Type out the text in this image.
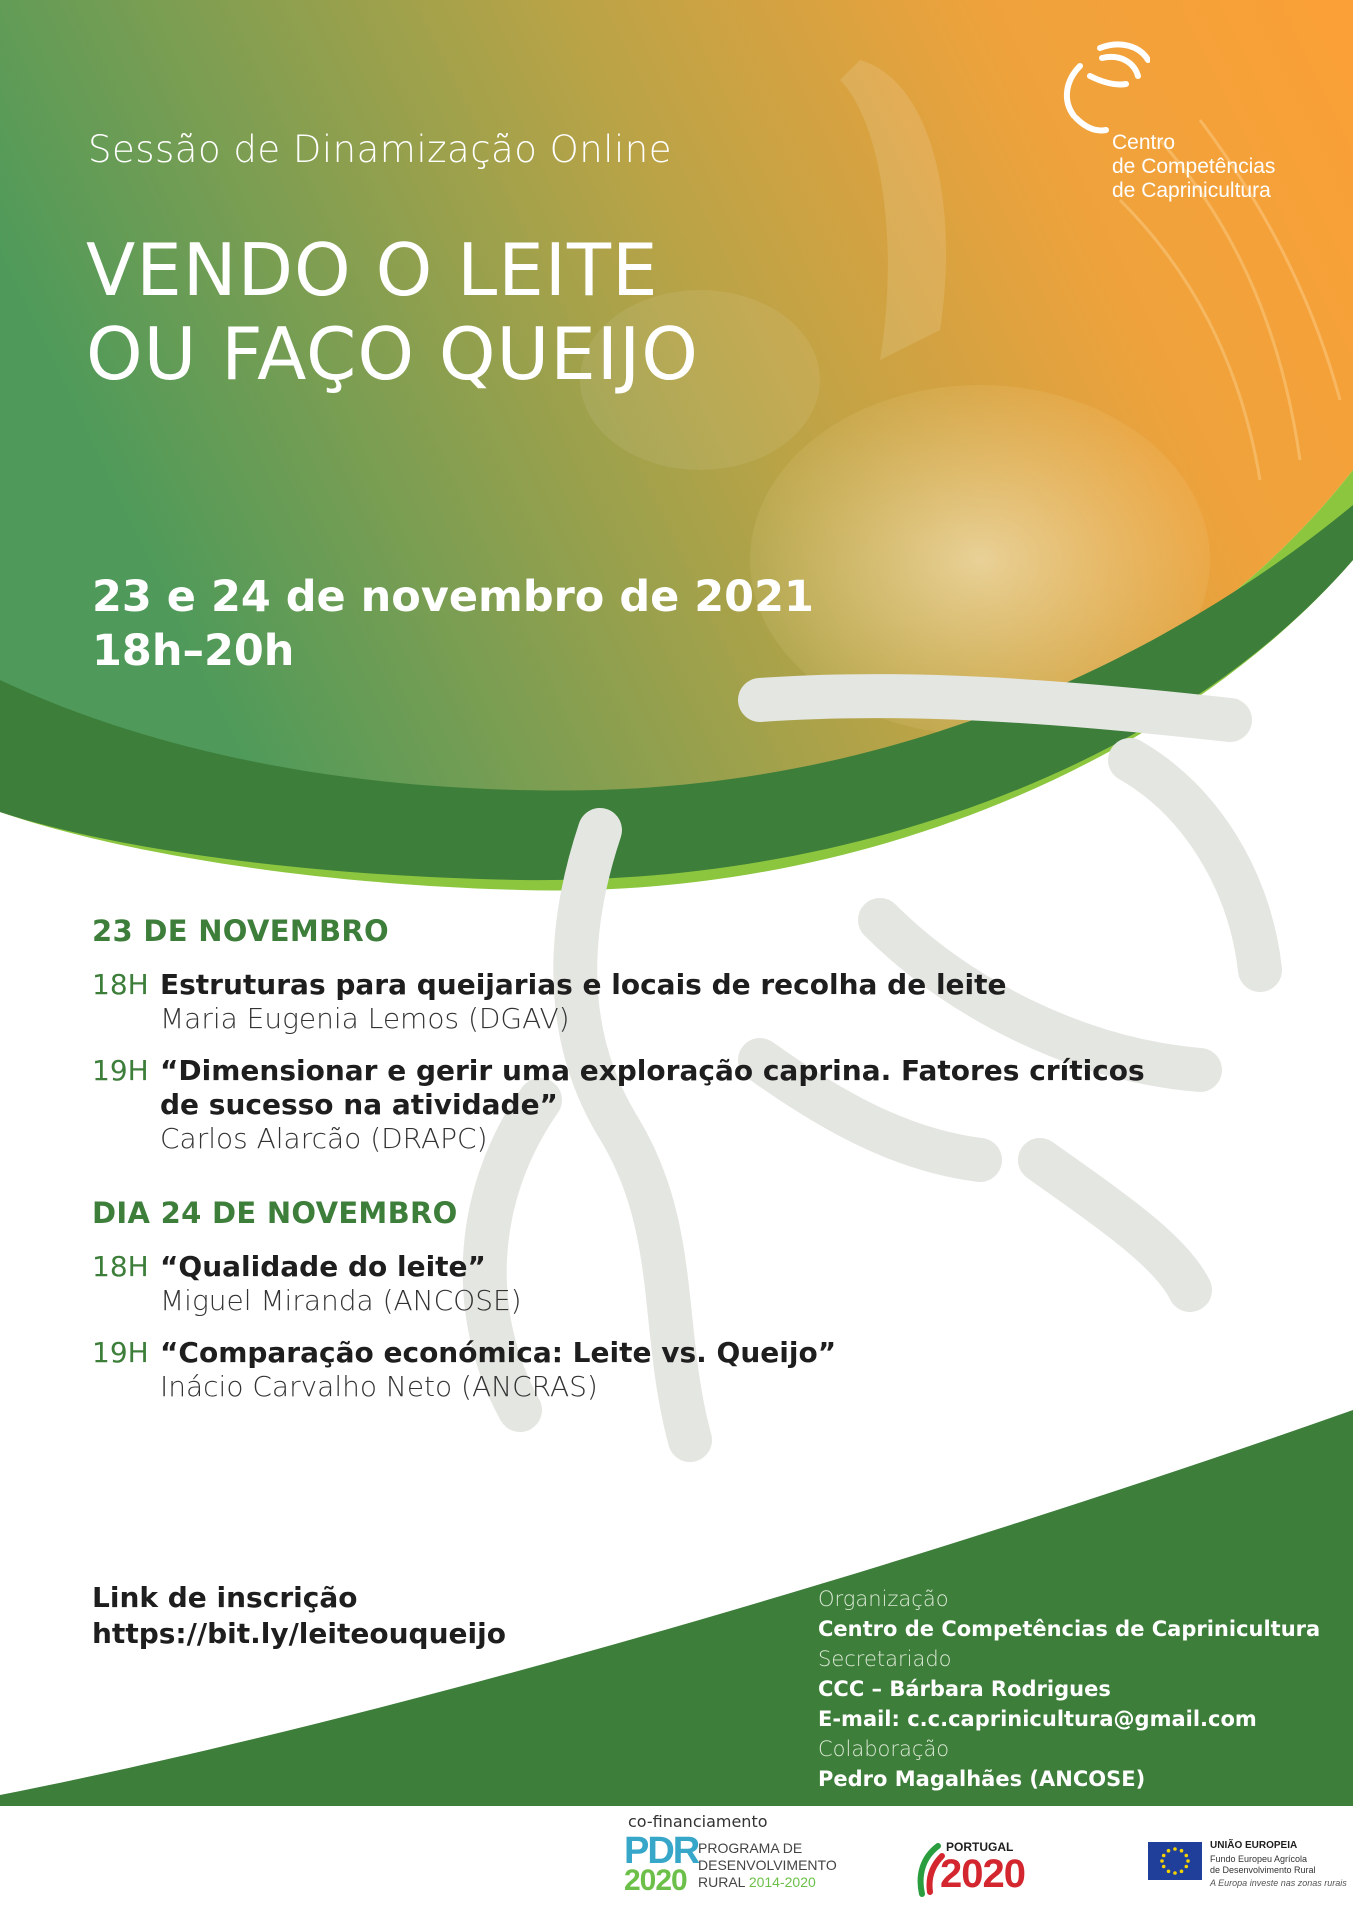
Centro
de Competências
de Caprinicultura
Sessão de Dinamização Online
VENDO O LEITE
OU FAÇO QUEIJO
23 e 24 de novembro de 2021
18h–20h
23 DE NOVEMBRO
18H Estruturas para queijarias e locais de recolha de leite
Maria Eugenia Lemos (DGAV)
19H “Dimensionar e gerir uma exploração caprina. Fatores críticos
de sucesso na atividade”
Carlos Alarcão (DRAPC)
DIA 24 DE NOVEMBRO
18H “Qualidade do leite”
Miguel Miranda (ANCOSE)
19H “Comparação económica: Leite vs. Queijo”
Inácio Carvalho Neto (ANCRAS)
Link de inscrição
https://bit.ly/leiteouqueijo
Organização
Centro de Competências de Caprinicultura
Secretariado
CCC – Bárbara Rodrigues
E-mail: c.c.caprinicultura@gmail.com
Colaboração
Pedro Magalhães (ANCOSE)
co-financiamento
PDR
2020
PROGRAMA DE
DESENVOLVIMENTO
RURAL 2014-2020
PORTUGAL
2020
UNIÃO EUROPEIA
Fundo Europeu Agrícola
de Desenvolvimento Rural
A Europa investe nas zonas rurais
